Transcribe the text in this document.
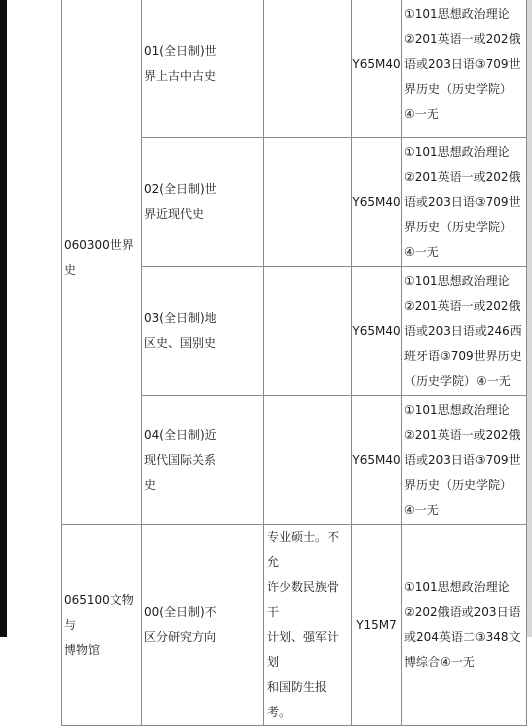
060300世界史	01(全日制)世
界上古中古史		Y65M40	①101思想政治理论
②201英语一或202俄
语或203日语③709世
界历史（历史学院）
④一无
	02(全日制)世
界近现代史		Y65M40	①101思想政治理论
②201英语一或202俄
语或203日语③709世
界历史（历史学院）
④一无
	03(全日制)地
区史、国别史		Y65M40	①101思想政治理论
②201英语一或202俄
语或203日语或246西
班牙语③709世界历史
（历史学院）④一无
	04(全日制)近
现代国际关系
史		Y65M40	①101思想政治理论
②201英语一或202俄
语或203日语③709世
界历史（历史学院）
④一无
065100文物与
博物馆	00(全日制)不
区分研究方向	专业硕士。不允
许少数民族骨干
计划、强军计划
和国防生报考。	Y15M7	①101思想政治理论
②202俄语或203日语
或204英语二③348文
博综合④一无
